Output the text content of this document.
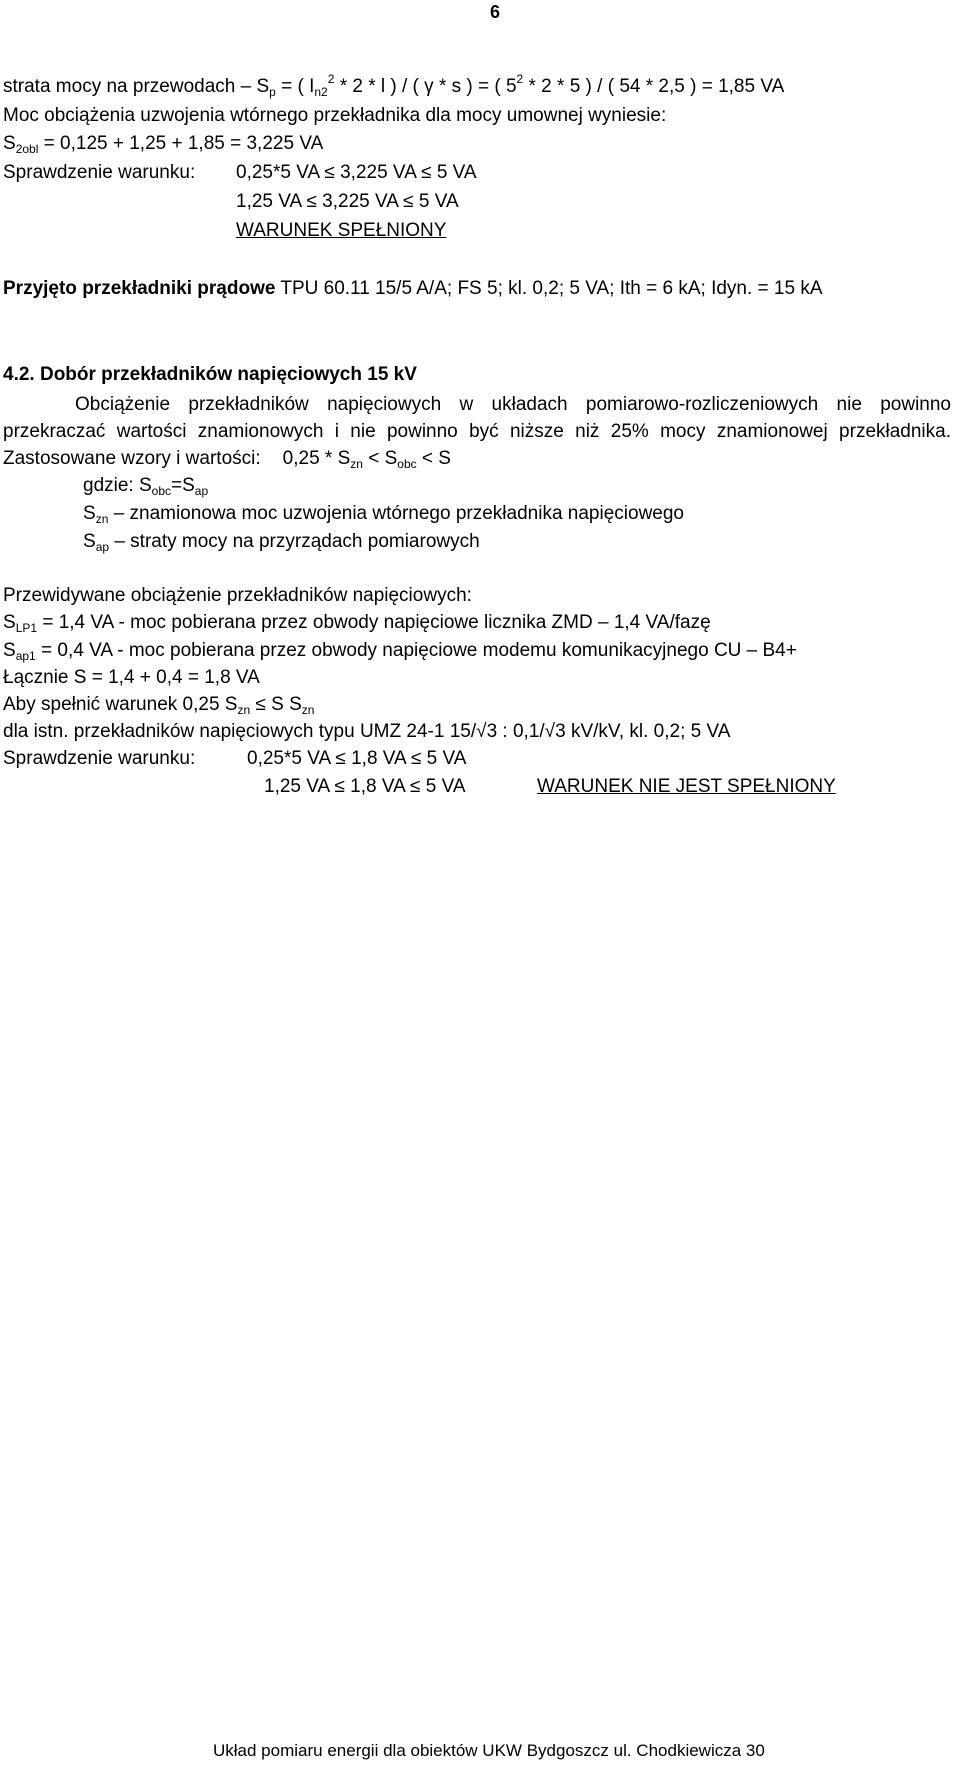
6
strata mocy na przewodach – $S_p$ = ( $I_{n2}^2 * 2$ * l ) / ( γ * s ) = ( $5^2 * 2 * 5$ ) / ( 54 * 2,5 ) = 1,85 VA
Moc obciążenia uzwojenia wtórnego przekładnika dla mocy umownej wyniesie:
$S_{2obl} = 0,125 + 1,25 + 1,85 = 3,225$ VA
Sprawdzenie warunku: 0,25*5 VA ≤ 3,225 VA ≤ 5 VA
1,25 VA ≤ 3,225 VA ≤ 5 VA
WARUNEK SPEŁNIONY
Przyjęto przekładniki prądowe TPU 60.11 15/5 A/A; FS 5; kl. 0,2; 5 VA; Ith = 6 kA; Idyn. = 15 kA
4.2. Dobór przekładników napięciowych 15 kV
Obciążenie przekładników napięciowych w układach pomiarowo-rozliczeniowych nie powinno przekraczać wartości znamionowych i nie powinno być niższe niż 25% mocy znamionowej przekładnika. Zastosowane wzory i wartości: $0,25 * S_{zn} < S_{obc} < S$
gdzie: $S_{obc}=S_{ap}$
$S_{zn}$ – znamionowa moc uzwojenia wtórnego przekładnika napięciowego
$S_{ap}$ – straty mocy na przyrządach pomiarowych
Przewidywane obciążenie przekładników napięciowych:
$S_{LP1} = 1,4$ VA - moc pobierana przez obwody napięciowe licznika ZMD – 1,4 VA/fazę
$S_{ap1} = 0,4$ VA - moc pobierana przez obwody napięciowe modemu komunikacyjnego CU – B4+
Łącznie S = 1,4 + 0,4 = 1,8 VA
Aby spełnić warunek 0,25 $S_{zn} \le S$ $S_{zn}$
dla istn. przekładników napięciowych typu UMZ 24-1 15/√3 : 0,1/√3 kV/kV, kl. 0,2; 5 VA
Sprawdzenie warunku:	0,25*5 VA ≤ 1,8 VA ≤ 5 VA
1,25 VA ≤ 1,8 VA ≤ 5 VA	WARUNEK NIE JEST SPEŁNIONY
Układ pomiaru energii dla obiektów UKW Bydgoszcz ul. Chodkiewicza 30
